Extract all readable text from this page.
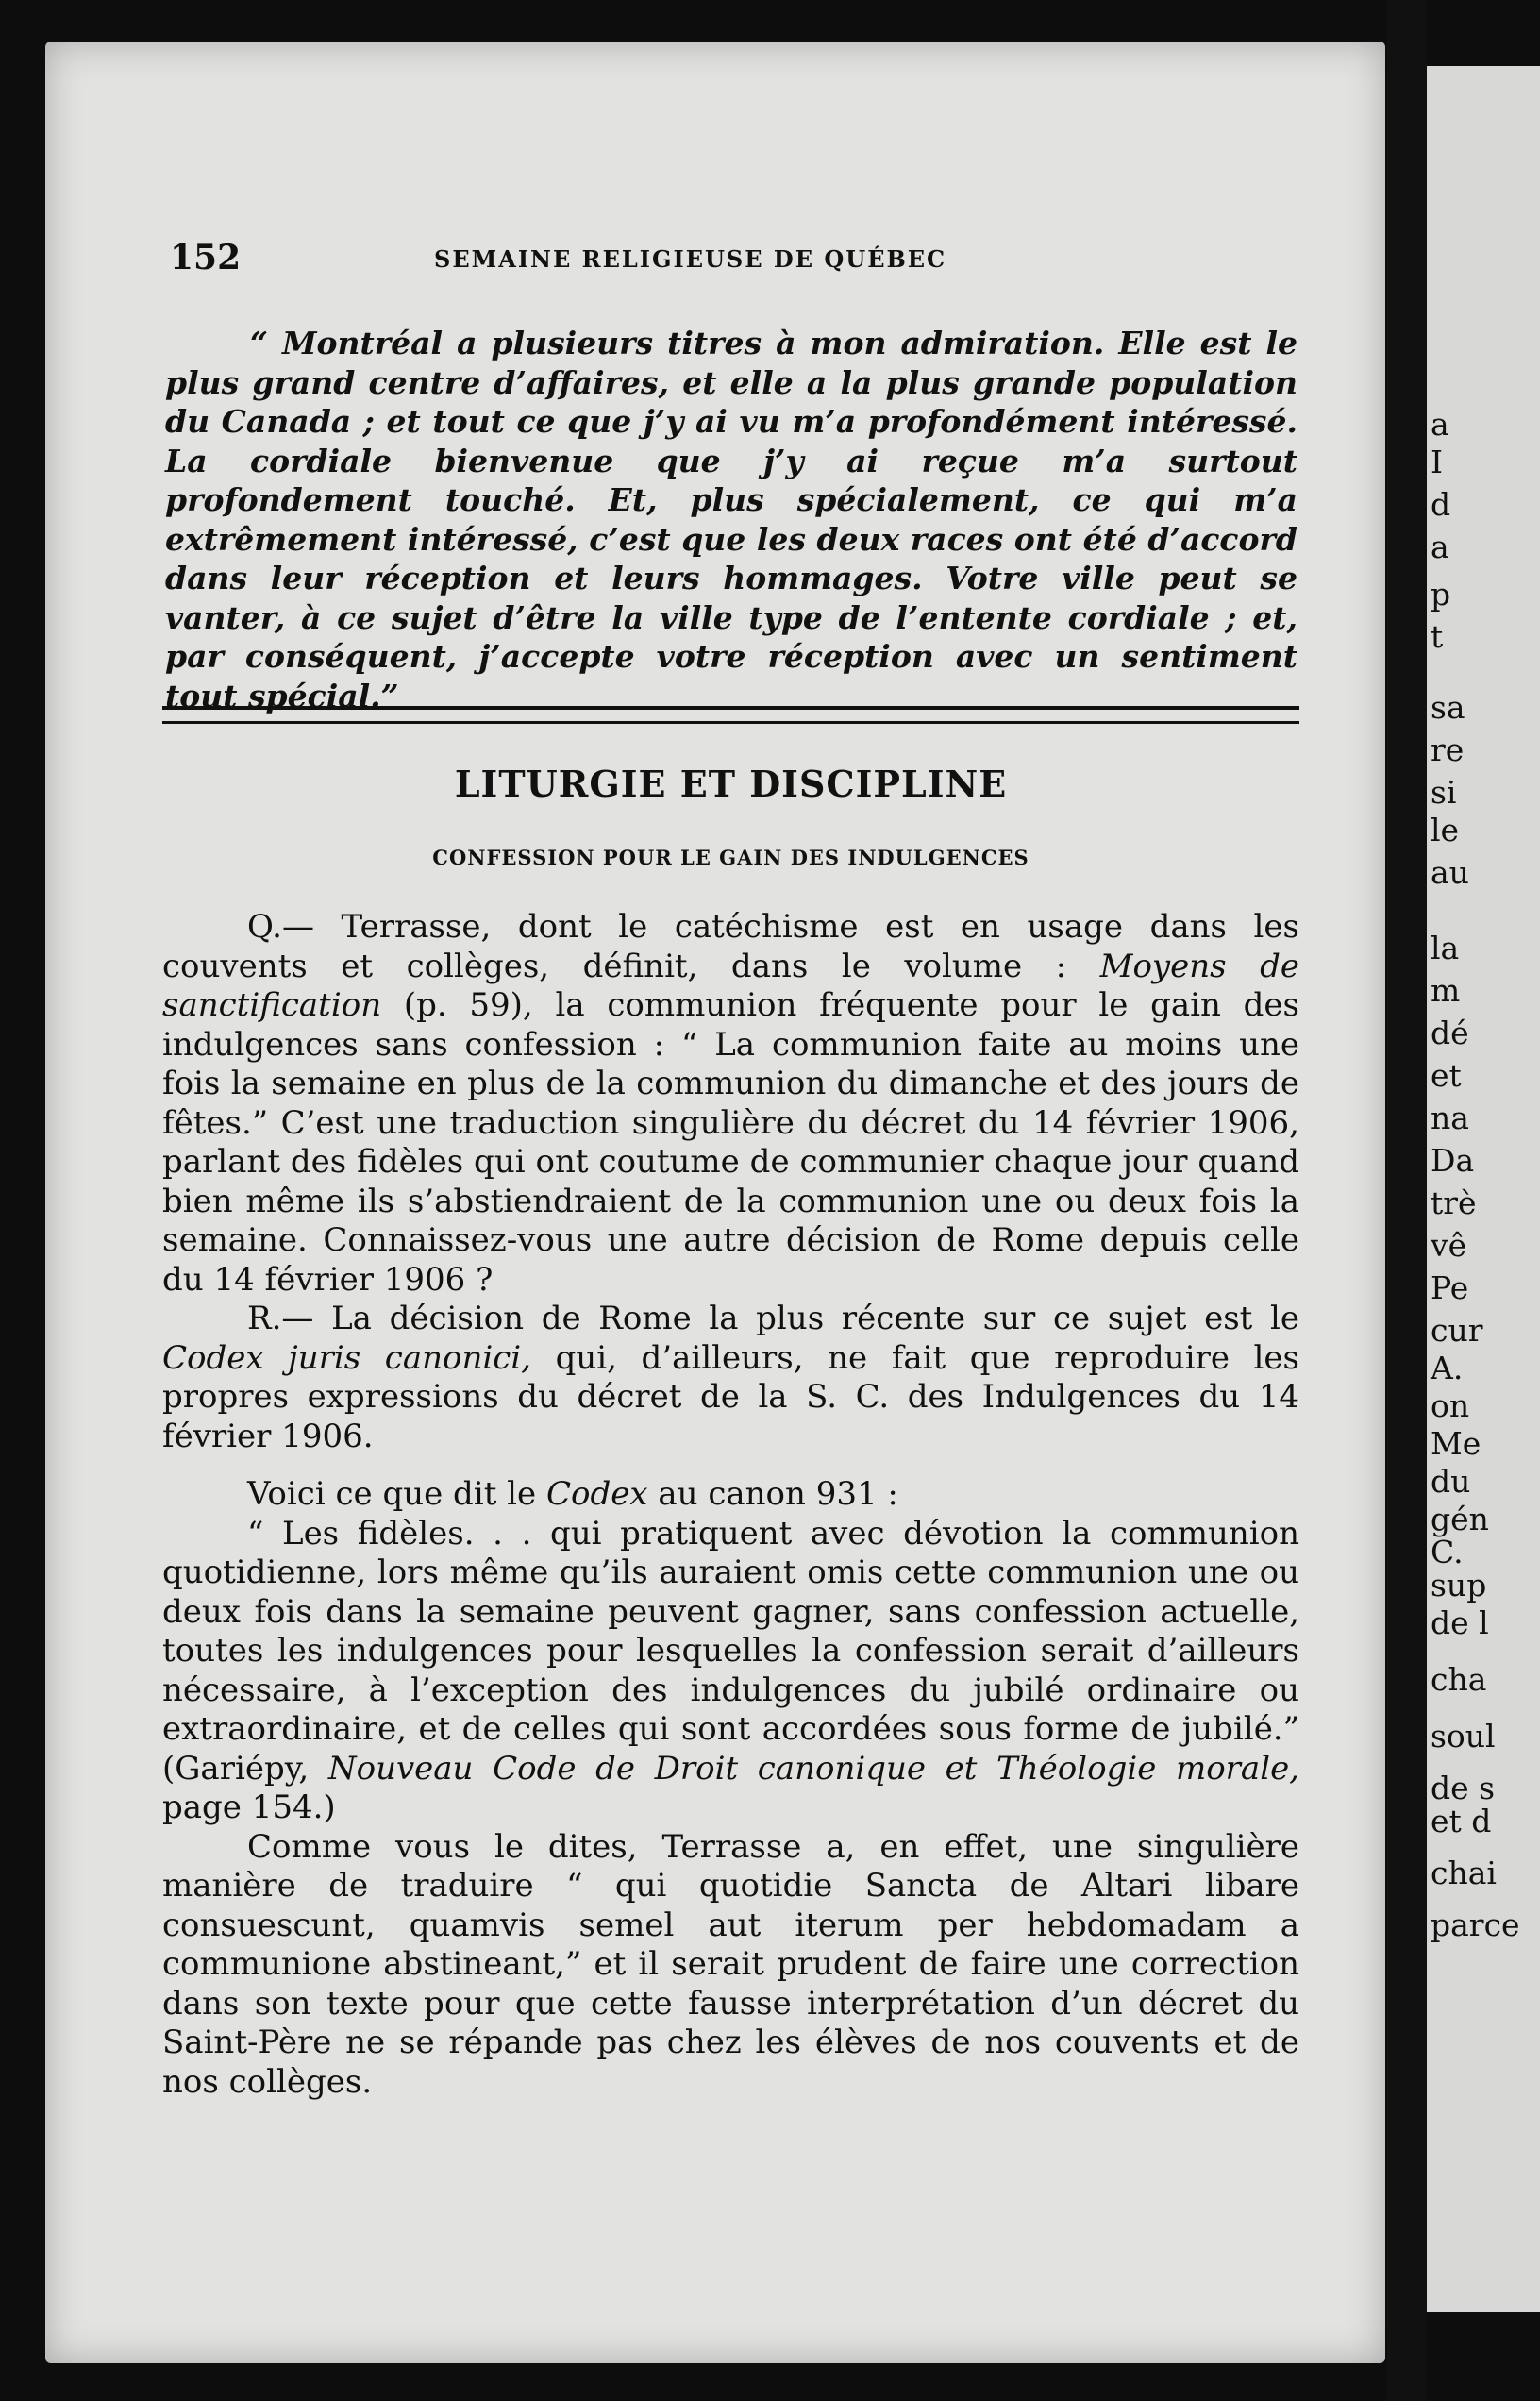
152	SEMAINE RELIGIEUSE DE QUÉBEC

“ Montréal a plusieurs titres à mon admiration. Elle est le plus grand centre d’affaires, et elle a la plus grande population du Canada ; et tout ce que j’y ai vu m’a profondément intéressé. La cordiale bienvenue que j’y ai reçue m’a surtout profondement touché. Et, plus spécialement, ce qui m’a extrêmement intéressé, c’est que les deux races ont été d’accord dans leur réception et leurs hommages. Votre ville peut se vanter, à ce sujet d’être la ville type de l’entente cordiale ; et, par conséquent, j’accepte votre réception avec un sentiment tout spécial.”

LITURGIE ET DISCIPLINE
CONFESSION POUR LE GAIN DES INDULGENCES

Q.— Terrasse, dont le catéchisme est en usage dans les couvents et collèges, définit, dans le volume : Moyens de sanctification (p. 59), la communion fréquente pour le gain des indulgences sans confession : “ La communion faite au moins une fois la semaine en plus de la communion du dimanche et des jours de fêtes.” C’est une traduction singulière du décret du 14 février 1906, parlant des fidèles qui ont coutume de communier chaque jour quand bien même ils s’abstiendraient de la communion une ou deux fois la semaine. Connaissez-vous une autre décision de Rome depuis celle du 14 février 1906 ?

R.— La décision de Rome la plus récente sur ce sujet est le Codex juris canonici, qui, d’ailleurs, ne fait que reproduire les propres expressions du décret de la S. C. des Indulgences du 14 février 1906.

Voici ce que dit le Codex au canon 931 :

“ Les fidèles. . . qui pratiquent avec dévotion la communion quotidienne, lors même qu’ils auraient omis cette communion une ou deux fois dans la semaine peuvent gagner, sans confession actuelle, toutes les indulgences pour lesquelles la confession serait d’ailleurs nécessaire, à l’exception des indulgences du jubilé ordinaire ou extraordinaire, et de celles qui sont accordées sous forme de jubilé.” (Gariépy, Nouveau Code de Droit canonique et Théologie morale, page 154.)

Comme vous le dites, Terrasse a, en effet, une singulière manière de traduire “ qui quotidie Sancta de Altari libare consuescunt, quamvis semel aut iterum per hebdomadam a communione abstineant,” et il serait prudent de faire une correction dans son texte pour que cette fausse interprétation d’un décret du Saint-Père ne se répande pas chez les élèves de nos couvents et de nos collèges.

a
I
d
a
p
t
sa
re
si
le
au
la
m
dé
et
na
Da
trè
vê
Pe
cur
A.
on
Me
du
gén
C.
sup
de l
cha
soul
de s
et d
chai
parce
